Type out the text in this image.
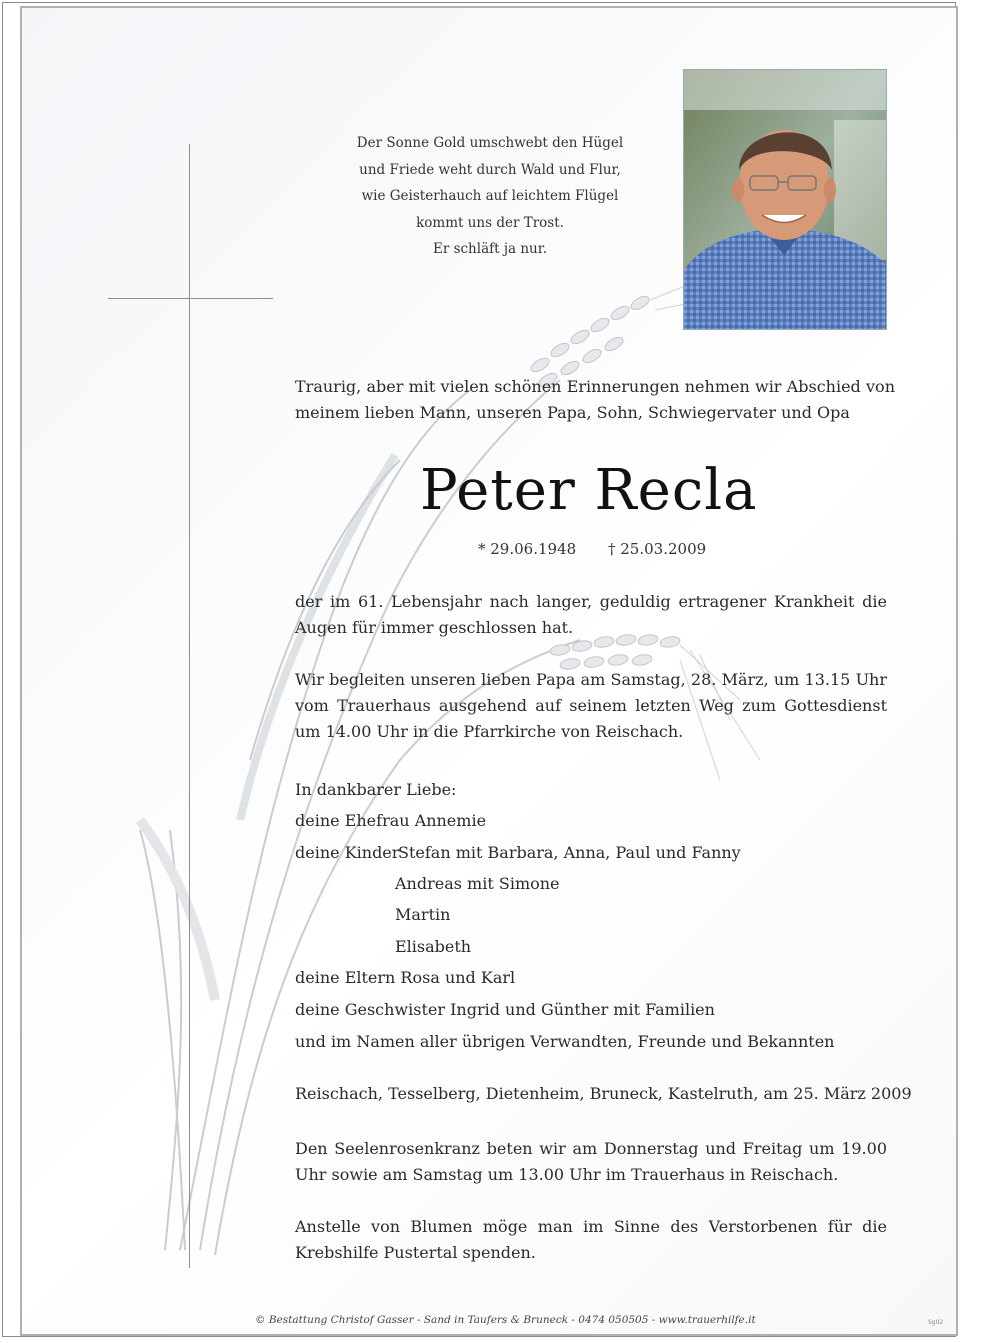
Der Sonne Gold umschwebt den Hügel
und Friede weht durch Wald und Flur,
wie Geisterhauch auf leichtem Flügel
kommt uns der Trost.
Er schläft ja nur.
Traurig, aber mit vielen schönen Erinnerungen nehmen wir Abschied von meinem lieben Mann, unseren Papa, Sohn, Schwiegervater und Opa
Peter Recla
* 29.06.1948 † 25.03.2009
der im 61. Lebensjahr nach langer, geduldig ertragener Krankheit die Augen für immer geschlossen hat.
Wir begleiten unseren lieben Papa am Samstag, 28. März, um 13.15 Uhr vom Trauerhaus ausgehend auf seinem letzten Weg zum Gottesdienst um 14.00 Uhr in die Pfarrkirche von Reischach.
In dankbarer Liebe:
deine Ehefrau Annemie
deine Kinder
Stefan mit Barbara, Anna, Paul und Fanny
Andreas mit Simone
Martin
Elisabeth
deine Eltern Rosa und Karl
deine Geschwister Ingrid und Günther mit Familien
und im Namen aller übrigen Verwandten, Freunde und Bekannten
Reischach, Tesselberg, Dietenheim, Bruneck, Kastelruth, am 25. März 2009
Den Seelenrosenkranz beten wir am Donnerstag und Freitag um 19.00 Uhr sowie am Samstag um 13.00 Uhr im Trauerhaus in Reischach.
Anstelle von Blumen möge man im Sinne des Verstorbenen für die Krebshilfe Pustertal spenden.
© Bestattung Christof Gasser - Sand in Taufers & Bruneck - 0474 050505 - www.trauerhilfe.it	Sg02
